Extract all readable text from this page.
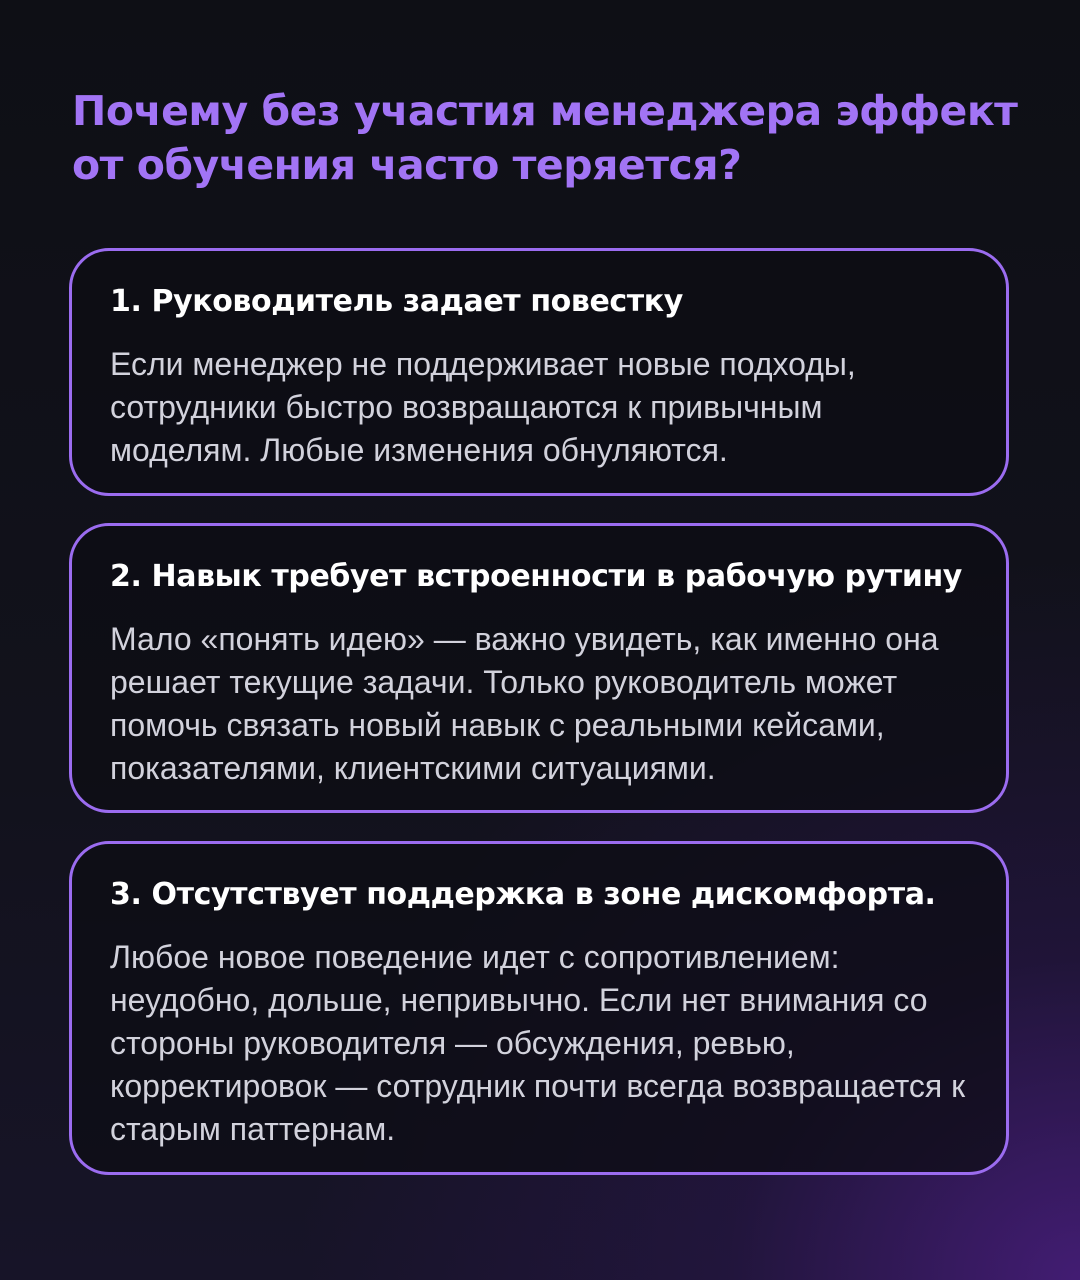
Почему без участия менеджера эффект от обучения часто теряется?
1. Руководитель задает повестку

Если менеджер не поддерживает новые подходы, сотрудники быстро возвращаются к привычным моделям. Любые изменения обнуляются.

2. Навык требует встроенности в рабочую рутину

Мало «понять идею» — важно увидеть, как именно она решает текущие задачи. Только руководитель может помочь связать новый навык с реальными кейсами, показателями, клиентскими ситуациями.

3. Отсутствует поддержка в зоне дискомфорта.

Любое новое поведение идет с сопротивлением: неудобно, дольше, непривычно. Если нет внимания со стороны руководителя — обсуждения, ревью, корректировок — сотрудник почти всегда возвращается к старым паттернам.
